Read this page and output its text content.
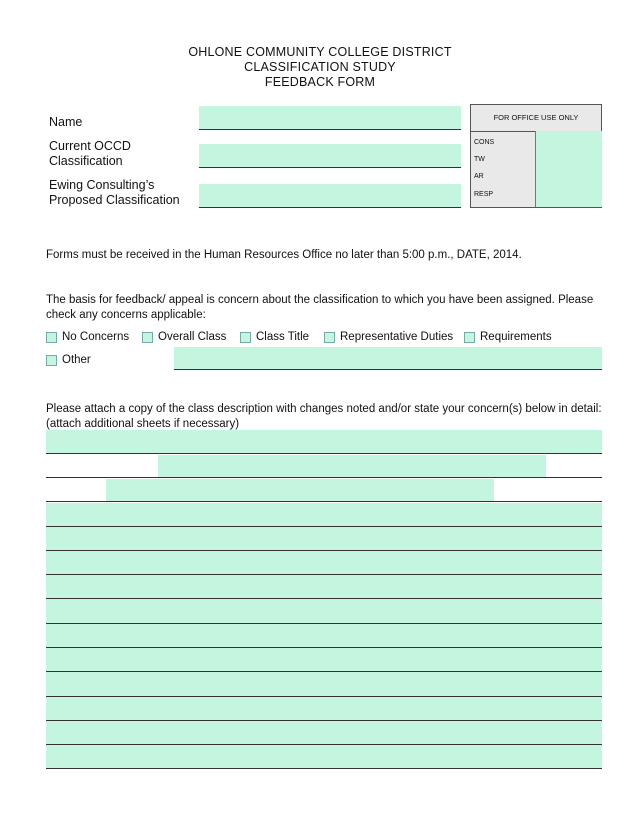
OHLONE COMMUNITY COLLEGE DISTRICT
CLASSIFICATION STUDY
FEEDBACK FORM
Name
Current OCCD
Classification
Ewing Consulting’s
Proposed Classification
FOR OFFICE USE ONLY
CONS
TW
AR
RESP
Forms must be received in the Human Resources Office no later than 5:00 p.m., DATE, 2014.
The basis for feedback/ appeal is concern about the classification to which you have been assigned. Please
check any concerns applicable:
No Concerns	Overall Class	Class Title	Representative Duties Requirements
Other
Please attach a copy of the class description with changes noted and/or state your concern(s) below in detail:
(attach additional sheets if necessary)
